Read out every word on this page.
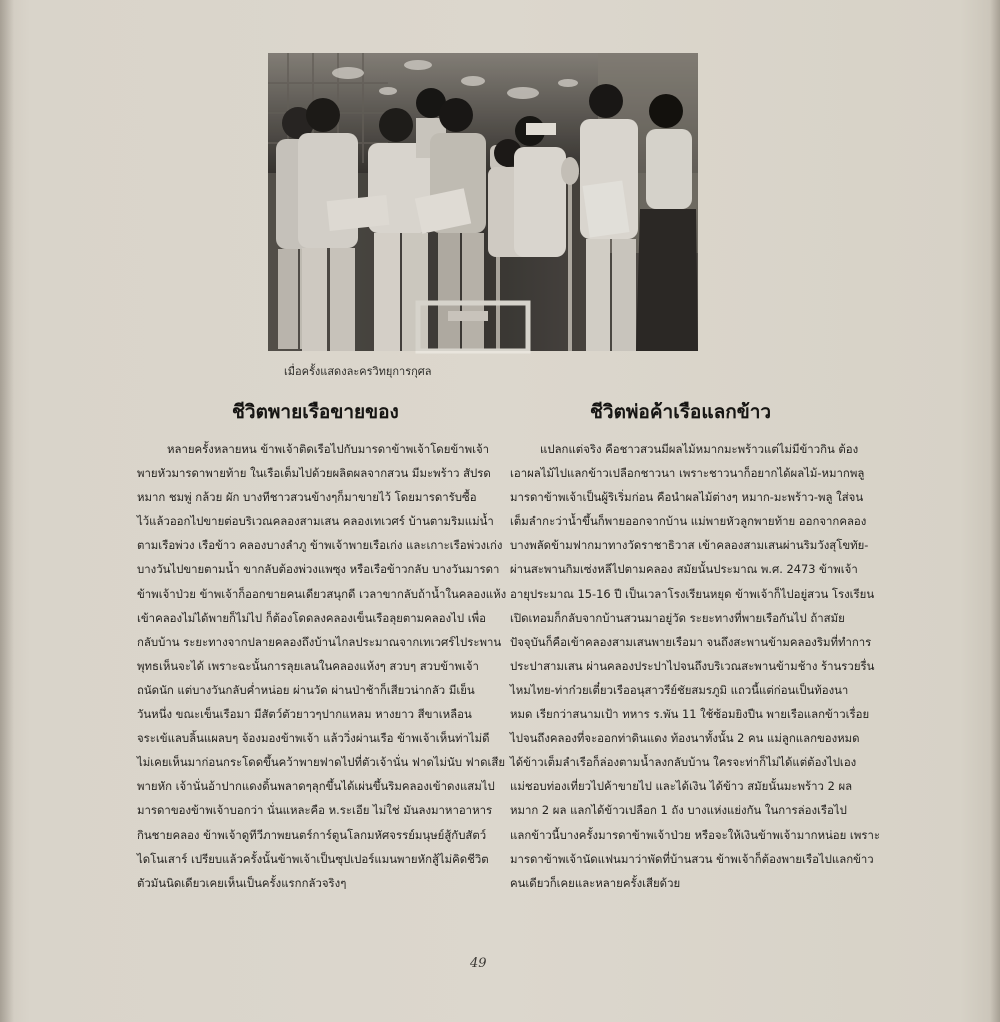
เมื่อครั้งแสดงละครวิทยุการกุศล
ชีวิตพายเรือขายของ	ชีวิตพ่อค้าเรือแลกข้าว
หลายครั้งหลายหน ข้าพเจ้าติดเรือไปกับมารดาข้าพเจ้าโดยข้าพเจ้า
พายหัวมารดาพายท้าย ในเรือเต็มไปด้วยผลิตผลจากสวน มีมะพร้าว สัปรด
หมาก ชมพู่ กล้วย ผัก บางทีชาวสวนข้างๆก็มาขายไว้ โดยมารดารับซื้อ
ไว้แล้วออกไปขายต่อบริเวณคลองสามเสน คลองเทเวศร์ บ้านตามริมแม่น้ำ
ตามเรือพ่วง เรือข้าว คลองบางลำภู ข้าพเจ้าพายเรือเก่ง และเกาะเรือพ่วงเก่ง
บางวันไปขายตามน้ำ ขากลับต้องพ่วงแพซุง หรือเรือข้าวกลับ บางวันมารดา
ข้าพเจ้าป่วย ข้าพเจ้าก็ออกขายคนเดียวสนุกดี เวลาขากลับถ้าน้ำในคลองแห้ง
เข้าคลองไม่ได้พายก็ไม่ไป ก็ต้องโดดลงคลองเข็นเรือลุยตามคลองไป เพื่อ
กลับบ้าน ระยะทางจากปลายคลองถึงบ้านไกลประมาณจากเทเวศร์ไประพาน
พุทธเห็นจะได้ เพราะฉะนั้นการลุยเลนในคลองแห้งๆ สวบๆ สวบข้าพเจ้า
ถนัดนัก แต่บางวันกลับค่ำหน่อย ผ่านวัด ผ่านป่าช้าก็เสียวน่ากลัว มีเย็น
วันหนึ่ง ขณะเข็นเรือมา มีสัตว์ตัวยาวๆปากแหลม หางยาว สีขาเหลือน
จระเข้แลบลิ้นแผลบๆ จ้องมองข้าพเจ้า แล้ววิ่งผ่านเรือ ข้าพเจ้าเห็นท่าไม่ดี
ไม่เคยเห็นมาก่อนกระโดดขึ้นคว้าพายฟาดไปที่ตัวเจ้านั่น ฟาดไม่นับ ฟาดเสีย
พายหัก เจ้านั่นอ้าปากแดงดิ้นพลาดๆลุกขึ้นได้เผ่นขึ้นริมคลองเข้าดงแสมไป
มารดาของข้าพเจ้าบอกว่า นั่นแหละคือ ห.ระเอีย ไม่ใช่ มันลงมาหาอาหาร
กินชายคลอง ข้าพเจ้าดูทีวีภาพยนตร์การ์ตูนโลกมหัศจรรย์มนุษย์สู้กับสัตว์
ไดโนเสาร์ เปรียบแล้วครั้งนั้นข้าพเจ้าเป็นซุปเปอร์แมนพายหักสู้ไม่คิดชีวิต
ตัวมันนิดเดียวเคยเห็นเป็นครั้งแรกกลัวจริงๆ
แปลกแต่จริง คือชาวสวนมีผลไม้หมากมะพร้าวแต่ไม่มีข้าวกิน ต้อง
เอาผลไม้ไปแลกข้าวเปลือกชาวนา เพราะชาวนาก็อยากได้ผลไม้-หมากพลู
มารดาข้าพเจ้าเป็นผู้ริเริ่มก่อน คือนำผลไม้ต่างๆ หมาก-มะพร้าว-พลู ใส่จน
เต็มลำกะว่าน้ำขึ้นก็พายออกจากบ้าน แม่พายหัวลูกพายท้าย ออกจากคลอง
บางพลัดข้ามฟากมาทางวัดราชาธิวาส เข้าคลองสามเสนผ่านริมวังสุโขทัย-
ผ่านสะพานกิมเซ่งหลีไปตามคลอง สมัยนั้นประมาณ พ.ศ. 2473 ข้าพเจ้า
อายุประมาณ 15-16 ปี เป็นเวลาโรงเรียนหยุด ข้าพเจ้าก็ไปอยู่สวน โรงเรียน
เปิดเทอมก็กลับจากบ้านสวนมาอยู่วัด ระยะทางที่พายเรือกันไป ถ้าสมัย
ปัจจุบันก็คือเข้าคลองสามเสนพายเรือมา จนถึงสะพานข้ามคลองริมที่ทำการ
ประปาสามเสน ผ่านคลองประปาไปจนถึงบริเวณสะพานข้ามช้าง ร้านรวยรื่น
ไหมไทย-ท่าก๋วยเตี๋ยวเรืออนุสาวรีย์ชัยสมรภูมิ แถวนี้แต่ก่อนเป็นท้องนา
หมด เรียกว่าสนามเป้า ทหาร ร.พัน 11 ใช้ซ้อมยิงปืน พายเรือแลกข้าวเรื่อย
ไปจนถึงคลองที่จะออกท่าดินแดง ท้องนาทั้งนั้น 2 คน แม่ลูกแลกของหมด
ได้ข้าวเต็มลำเรือก็ล่องตามน้ำลงกลับบ้าน ใครจะท่าก็ไม่ได้แต่ต้องไปเอง
แม่ชอบท่องเที่ยวไปค้าขายไป และได้เงิน ได้ข้าว สมัยนั้นมะพร้าว 2 ผล
หมาก 2 ผล แลกได้ข้าวเปลือก 1 ถัง บางแห่งแย่งกัน ในการล่องเรือไป
แลกข้าวนี้บางครั้งมารดาข้าพเจ้าป่วย หรือจะให้เงินข้าพเจ้ามากหน่อย เพราะ
มารดาข้าพเจ้านัดแฟนมาว่าพัดที่บ้านสวน ข้าพเจ้าก็ต้องพายเรือไปแลกข้าว
คนเดียวก็เคยและหลายครั้งเสียด้วย
49
